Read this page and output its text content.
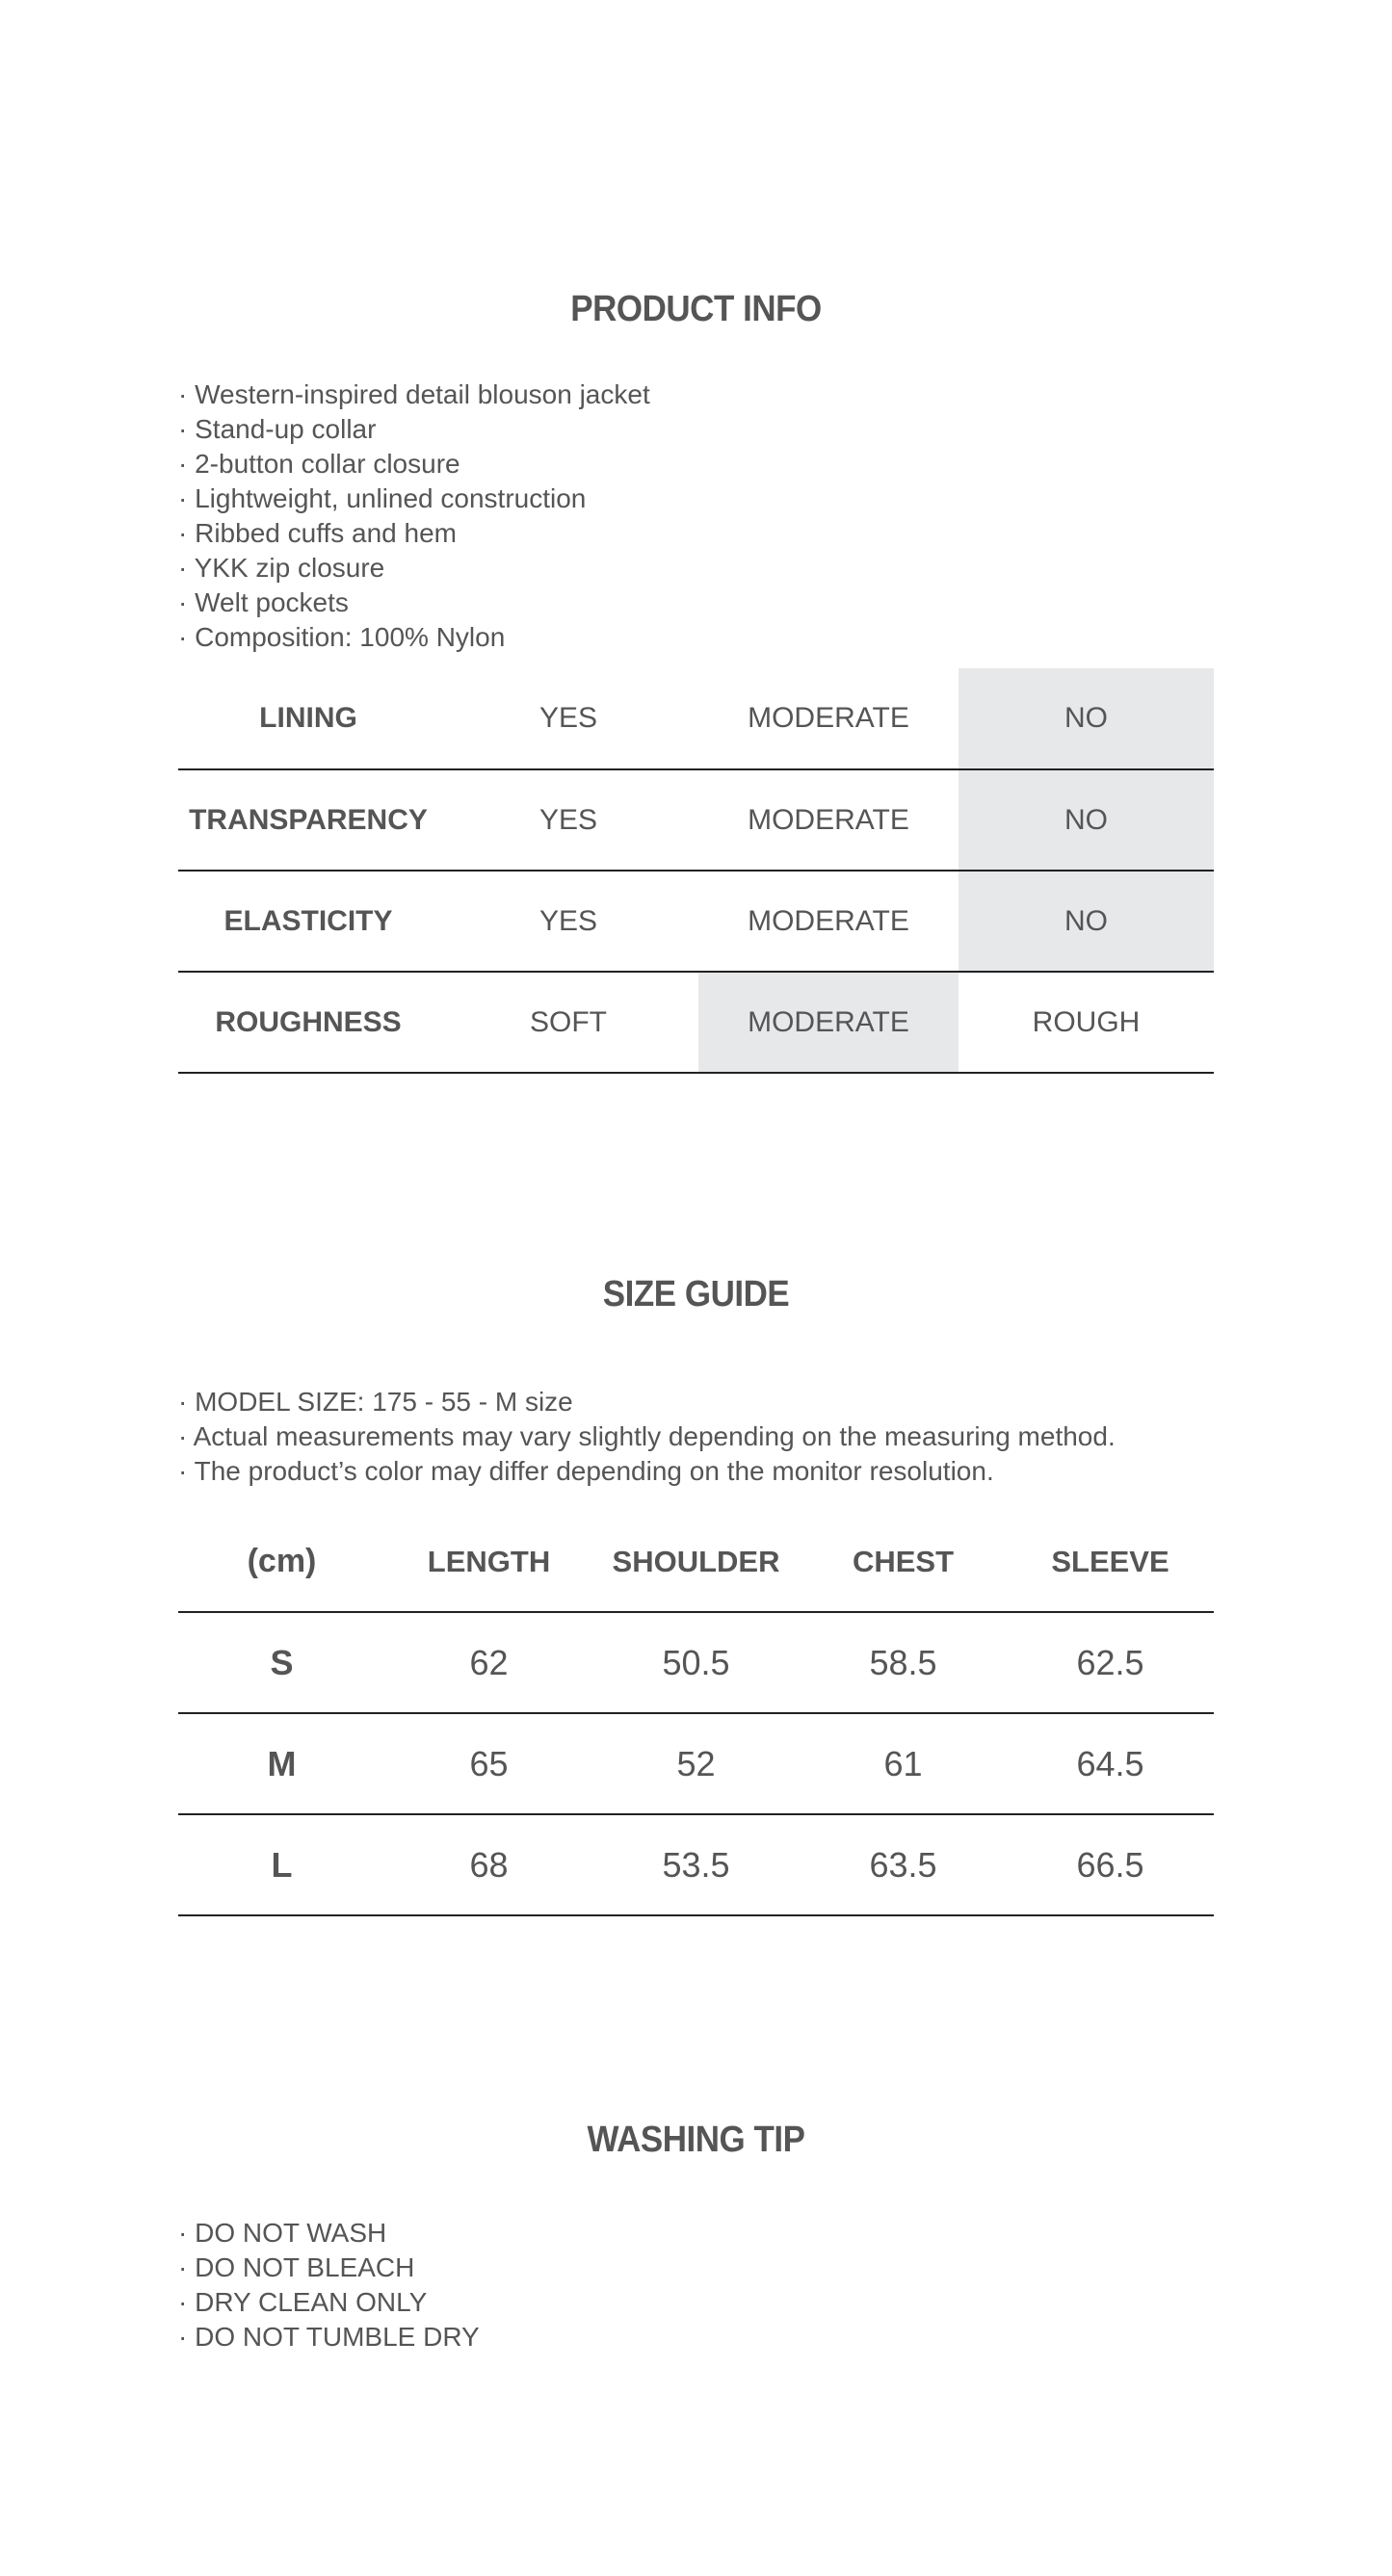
PRODUCT INFO
· Western-inspired detail blouson jacket
· Stand-up collar
· 2-button collar closure
· Lightweight, unlined construction
· Ribbed cuffs and hem
· YKK zip closure
· Welt pockets
· Composition: 100% Nylon
LINING	YES	MODERATE	NO
TRANSPARENCY	YES	MODERATE	NO
ELASTICITY	YES	MODERATE	NO
ROUGHNESS	SOFT	MODERATE	ROUGH
SIZE GUIDE
· MODEL SIZE: 175 - 55 - M size
· Actual measurements may vary slightly depending on the measuring method.
· The product’s color may differ depending on the monitor resolution.
(cm)	LENGTH	SHOULDER	CHEST	SLEEVE
S	62	50.5	58.5	62.5
M	65	52	61	64.5
L	68	53.5	63.5	66.5
WASHING TIP
· DO NOT WASH
· DO NOT BLEACH
· DRY CLEAN ONLY
· DO NOT TUMBLE DRY
